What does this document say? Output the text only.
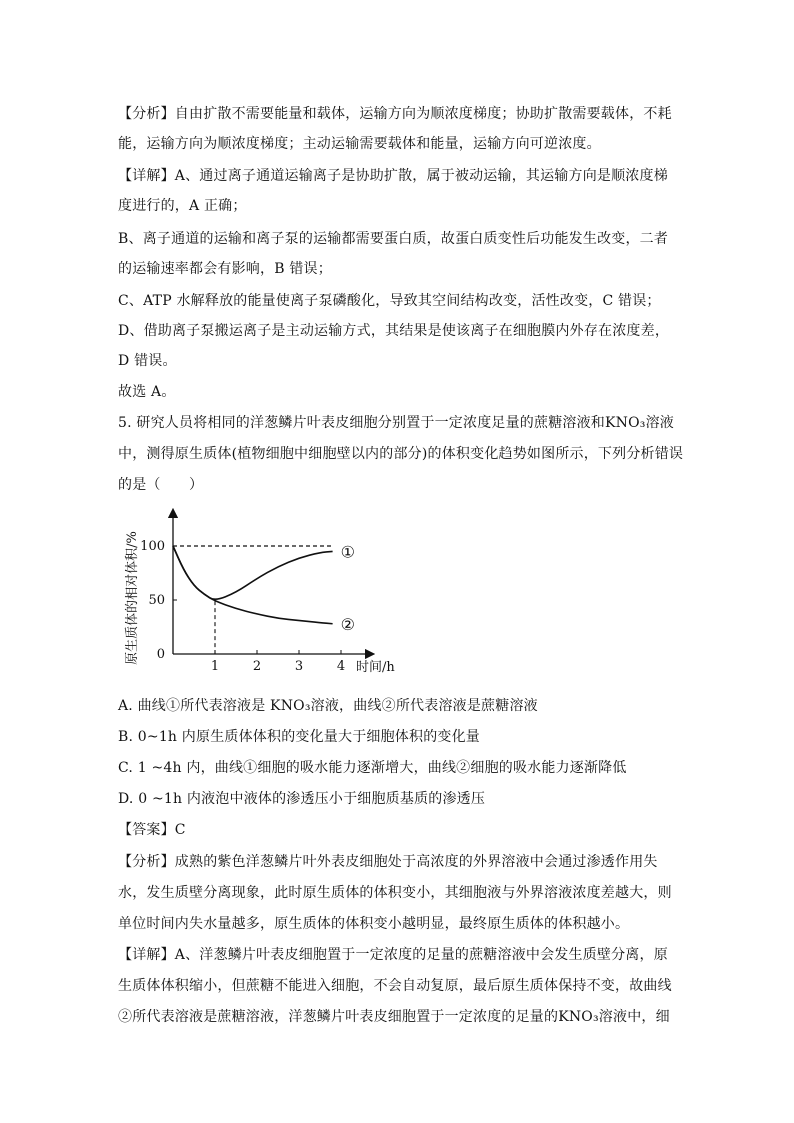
【分析】自由扩散不需要能量和载体，运输方向为顺浓度梯度；协助扩散需要载体，不耗
能，运输方向为顺浓度梯度；主动运输需要载体和能量，运输方向可逆浓度。
【详解】A、通过离子通道运输离子是协助扩散，属于被动运输，其运输方向是顺浓度梯
度进行的，A 正确；
B、离子通道的运输和离子泵的运输都需要蛋白质，故蛋白质变性后功能发生改变，二者
的运输速率都会有影响，B 错误；
C、ATP 水解释放的能量使离子泵磷酸化，导致其空间结构改变，活性改变，C 错误；
D、借助离子泵搬运离子是主动运输方式，其结果是使该离子在细胞膜内外存在浓度差，
D 错误。
故选 A。
5. 研究人员将相同的洋葱鳞片叶表皮细胞分别置于一定浓度足量的蔗糖溶液和KNO₃溶液
中，测得原生质体(植物细胞中细胞壁以内的部分)的体积变化趋势如图所示，下列分析错误
的是（　　）
A. 曲线①所代表溶液是 KNO₃溶液，曲线②所代表溶液是蔗糖溶液
B. 0~1h 内原生质体体积的变化量大于细胞体积的变化量
C. 1 ~4h 内，曲线①细胞的吸水能力逐渐增大，曲线②细胞的吸水能力逐渐降低
D. 0 ~1h 内液泡中液体的渗透压小于细胞质基质的渗透压
【答案】C
【分析】成熟的紫色洋葱鳞片叶外表皮细胞处于高浓度的外界溶液中会通过渗透作用失
水，发生质壁分离现象，此时原生质体的体积变小，其细胞液与外界溶液浓度差越大，则
单位时间内失水量越多，原生质体的体积变小越明显，最终原生质体的体积越小。
【详解】A、洋葱鳞片叶表皮细胞置于一定浓度的足量的蔗糖溶液中会发生质壁分离，原
生质体体积缩小，但蔗糖不能进入细胞，不会自动复原，最后原生质体保持不变，故曲线
②所代表溶液是蔗糖溶液，洋葱鳞片叶表皮细胞置于一定浓度的足量的KNO₃溶液中，细
原生质体的相对体积/% 0
50
100
1	2	3	4
①
②
时间/h
